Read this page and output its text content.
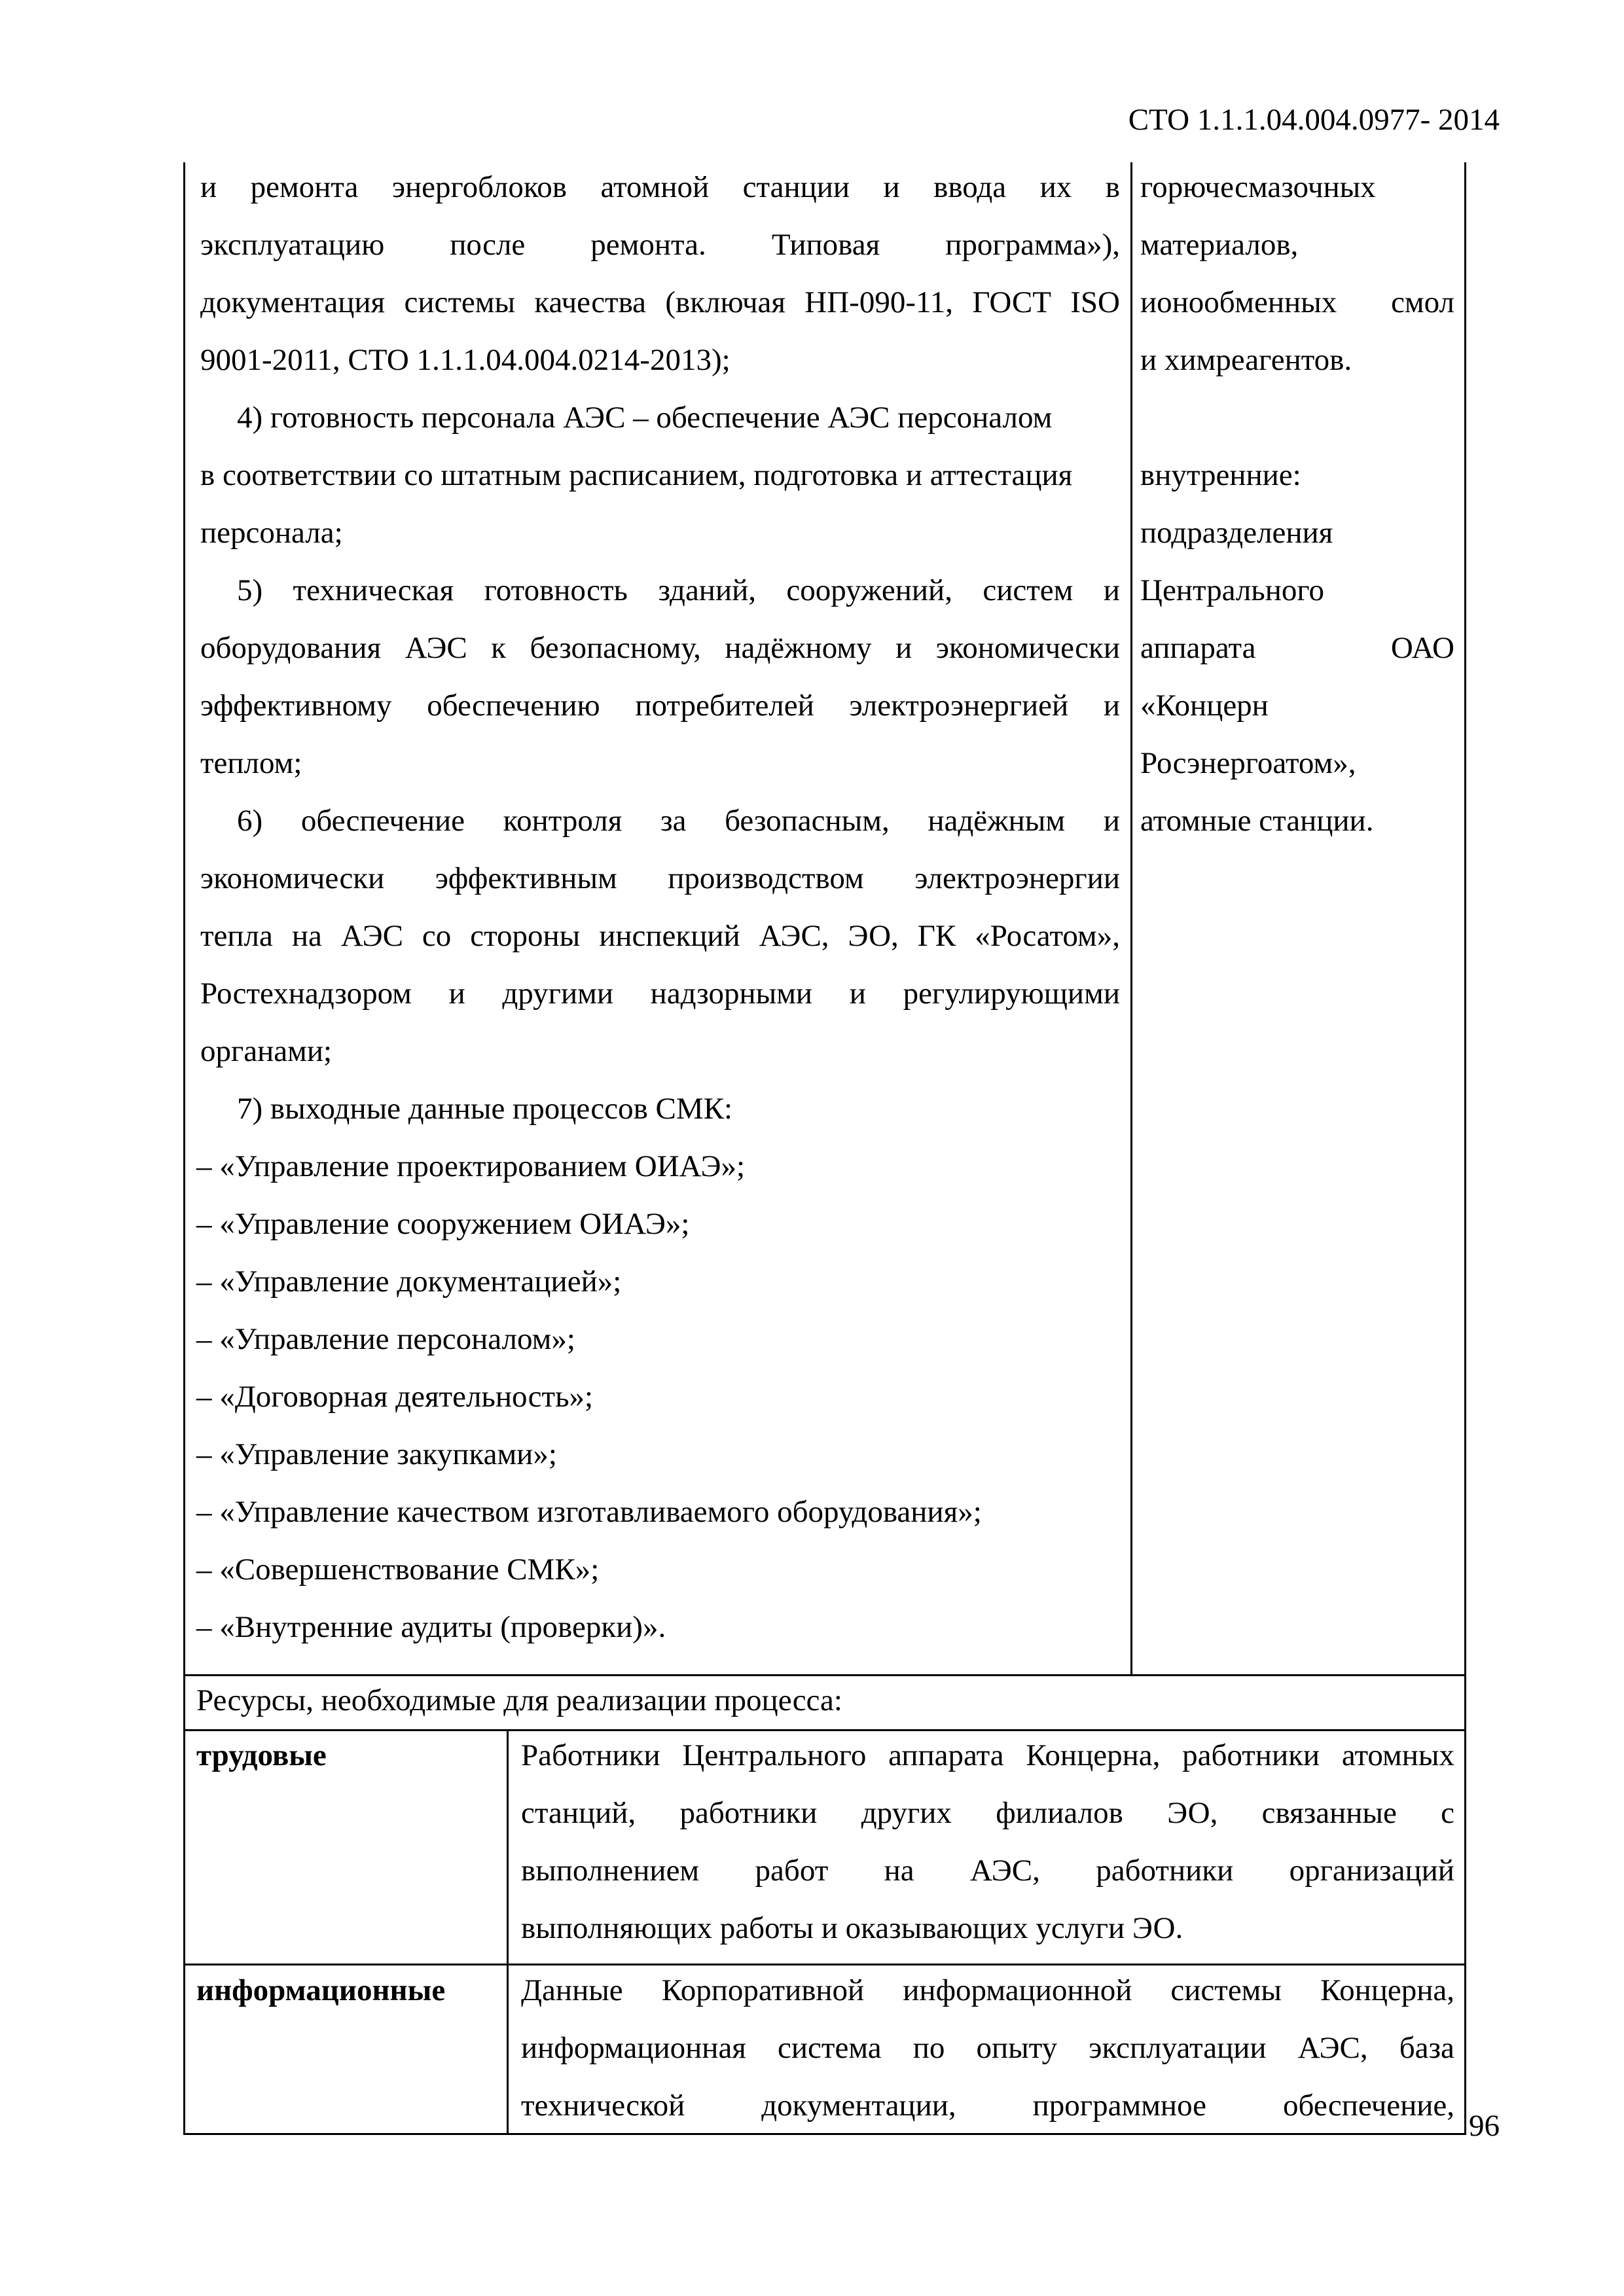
СТО 1.1.1.04.004.0977- 2014
и ремонта энергоблоков атомной станции и ввода их в
эксплуатацию после ремонта. Типовая программа»),
документация системы качества (включая НП-090-11, ГОСТ ISO
9001-2011, СТО 1.1.1.04.004.0214-2013);
4) готовность персонала АЭС – обеспечение АЭС персоналом
в соответствии со штатным расписанием, подготовка и аттестация
персонала;
5) техническая готовность зданий, сооружений, систем и
оборудования АЭС к безопасному, надёжному и экономически
эффективному обеспечению потребителей электроэнергией и
теплом;
6) обеспечение контроля за безопасным, надёжным и
экономически эффективным производством электроэнергии
тепла на АЭС со стороны инспекций АЭС, ЭО, ГК «Росатом»,
Ростехнадзором и другими надзорными и регулирующими
органами;
7) выходные данные процессов СМК:
– «Управление проектированием ОИАЭ»;
– «Управление сооружением ОИАЭ»;
– «Управление документацией»;
– «Управление персоналом»;
– «Договорная деятельность»;
– «Управление закупками»;
– «Управление качеством изготавливаемого оборудования»;
– «Совершенствование СМК»;
– «Внутренние аудиты (проверки)».
горючесмазочных
материалов,
ионообменных смол
и химреагентов.
внутренние:
подразделения
Центрального
аппарата	ОАО
«Концерн
Росэнергоатом»,
атомные станции.
Ресурсы, необходимые для реализации процесса:
трудовые	Работники Центрального аппарата Концерна, работники атомных
станций, работники других филиалов ЭО, связанные с
выполнением работ на АЭС, работники организаций
выполняющих работы и оказывающих услуги ЭО.
информационные Данные Корпоративной информационной системы Концерна,
информационная система по опыту эксплуатации АЭС, база
технической документации, программное обеспечение,
96
